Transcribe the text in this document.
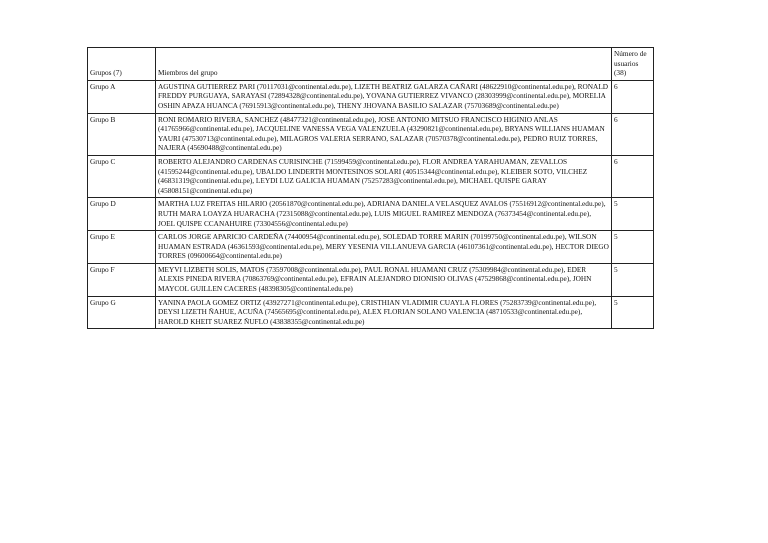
Grupos (7)	Miembros del grupo	Número de usuarios (38)
Grupo A	AGUSTINA GUTIERREZ PARI (70117031@continental.edu.pe), LIZETH BEATRIZ GALARZA CAÑARI (48622910@continental.edu.pe), RONALD FREDDY PURGUAYA, SARAYASI (72894328@continental.edu.pe), YOVANA GUTIERREZ VIVANCO (28303999@continental.edu.pe), MORELIA OSHIN APAZA HUANCA (76915913@continental.edu.pe), THENY JHOVANA BASILIO SALAZAR (75703689@continental.edu.pe)	6
Grupo B	RONI ROMARIO RIVERA, SANCHEZ (48477321@continental.edu.pe), JOSE ANTONIO MITSUO FRANCISCO HIGINIO ANLAS (41765966@continental.edu.pe), JACQUELINE VANESSA VEGA VALENZUELA (43290821@continental.edu.pe), BRYANS WILLIANS HUAMAN YAURI (47530713@continental.edu.pe), MILAGROS VALERIA SERRANO, SALAZAR (70570378@continental.edu.pe), PEDRO RUIZ TORRES, NAJERA (45690488@continental.edu.pe)	6
Grupo C	ROBERTO ALEJANDRO CARDENAS CURISINCHE (71599459@continental.edu.pe), FLOR ANDREA YARAHUAMAN, ZEVALLOS (41595244@continental.edu.pe), UBALDO LINDERTH MONTESINOS SOLARI (40515344@continental.edu.pe), KLEIBER SOTO, VILCHEZ (46831319@continental.edu.pe), LEYDI LUZ GALICIA HUAMAN (75257283@continental.edu.pe), MICHAEL QUISPE GARAY (45808151@continental.edu.pe)	6
Grupo D	MARTHA LUZ FREITAS HILARIO (20561870@continental.edu.pe), ADRIANA DANIELA VELASQUEZ AVALOS (75516912@continental.edu.pe), RUTH MARA LOAYZA HUARACHA (72315088@continental.edu.pe), LUIS MIGUEL RAMIREZ MENDOZA (76373454@continental.edu.pe), JOEL QUISPE CCANAHUIRE (73304556@continental.edu.pe)	5
Grupo E	CARLOS JORGE APARICIO CARDEÑA (74400954@continental.edu.pe), SOLEDAD TORRE MARIN (70199750@continental.edu.pe), WILSON HUAMAN ESTRADA (46361593@continental.edu.pe), MERY YESENIA VILLANUEVA GARCIA (46107361@continental.edu.pe), HECTOR DIEGO TORRES (09600664@continental.edu.pe)	5
Grupo F	MEYVI LIZBETH SOLIS, MATOS (73597008@continental.edu.pe), PAUL RONAL HUAMANI CRUZ (75309984@continental.edu.pe), EDER ALEXIS PINEDA RIVERA (70863769@continental.edu.pe), EFRAIN ALEJANDRO DIONISIO OLIVAS (47529868@continental.edu.pe), JOHN MAYCOL GUILLEN CACERES (48398305@continental.edu.pe)	5
Grupo G	YANINA PAOLA GOMEZ ORTIZ (43927271@continental.edu.pe), CRISTHIAN VLADIMIR CUAYLA FLORES (75283739@continental.edu.pe), DEYSI LIZETH ÑAHUE, ACUÑA (74565695@continental.edu.pe), ALEX FLORIAN SOLANO VALENCIA (48710533@continental.edu.pe), HAROLD KHEIT SUAREZ ÑUFLO (43838355@continental.edu.pe)	5
